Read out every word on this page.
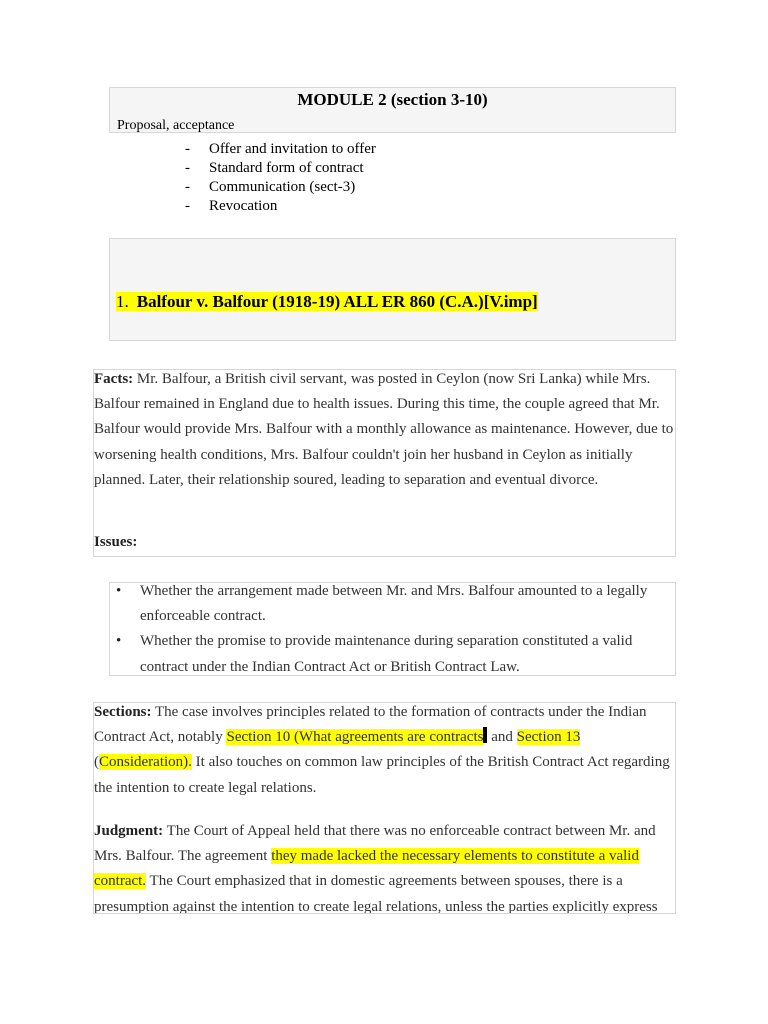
MODULE 2 (section 3-10)
Proposal, acceptance
-	Offer and invitation to offer
-	Standard form of contract
-	Communication (sect-3)
-	Revocation
1. Balfour v. Balfour (1918-19) ALL ER 860 (C.A.)[V.imp]
Facts: Mr. Balfour, a British civil servant, was posted in Ceylon (now Sri Lanka) while Mrs. Balfour remained in England due to health issues. During this time, the couple agreed that Mr. Balfour would provide Mrs. Balfour with a monthly allowance as maintenance. However, due to worsening health conditions, Mrs. Balfour couldn't join her husband in Ceylon as initially planned. Later, their relationship soured, leading to separation and eventual divorce.
Issues:
• Whether the arrangement made between Mr. and Mrs. Balfour amounted to a legally enforceable contract.
• Whether the promise to provide maintenance during separation constituted a valid contract under the Indian Contract Act or British Contract Law.
Sections: The case involves principles related to the formation of contracts under the Indian Contract Act, notably Section 10 (What agreements are contracts and Section 13
(Consideration). It also touches on common law principles of the British Contract Act regarding the intention to create legal relations.
Judgment: The Court of Appeal held that there was no enforceable contract between Mr. and Mrs. Balfour. The agreement they made lacked the necessary elements to constitute a valid contract. The Court emphasized that in domestic agreements between spouses, there is a presumption against the intention to create legal relations, unless the parties explicitly express
